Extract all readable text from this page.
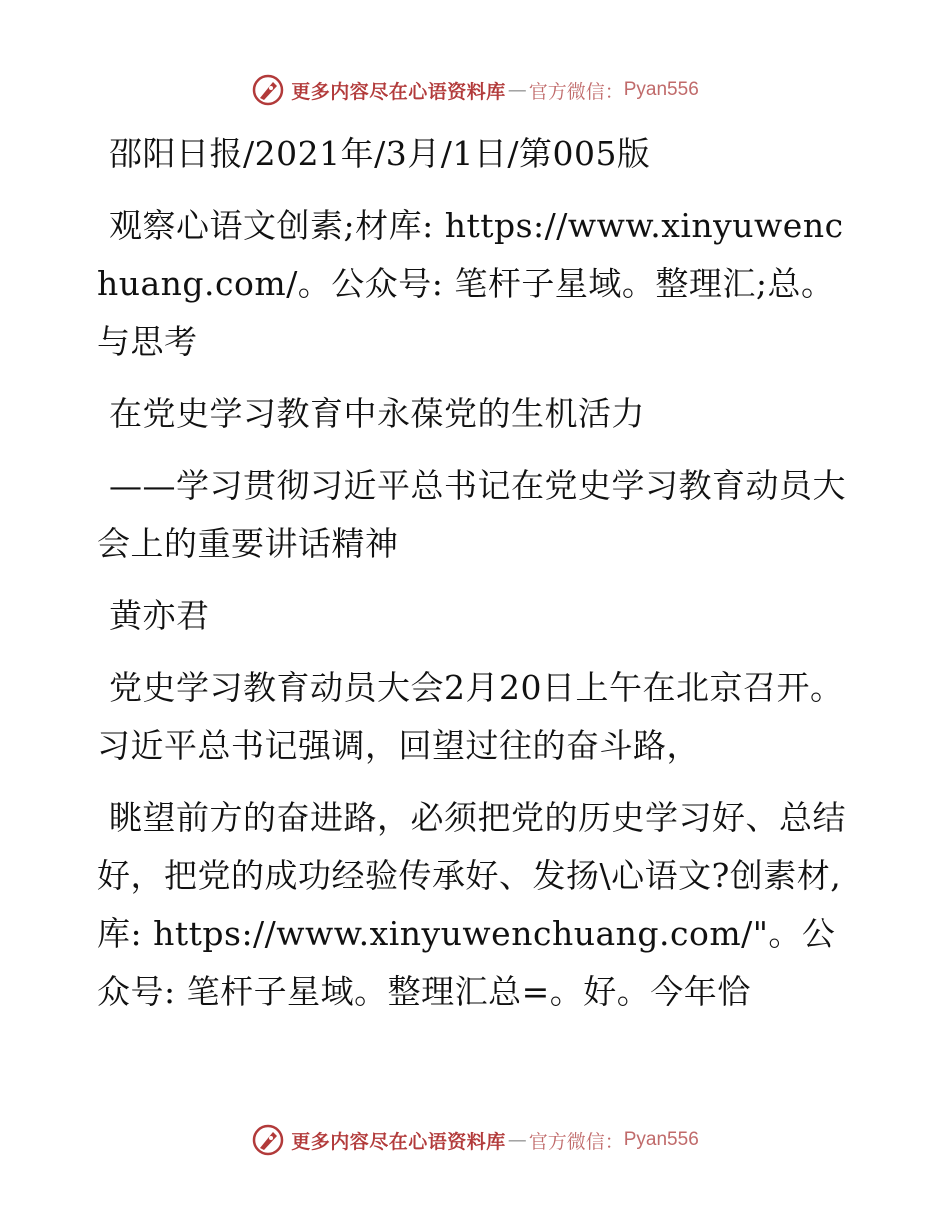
更多内容尽在心语资料库 — 官方微信： Pyan556

邵阳日报/2021年/3月/1日/第005版

观察心语文创素;材库: https://www.xinyuwenchuang.com/。公众号: 笔杆子星域。整理汇;总。与思考

在党史学习教育中永葆党的生机活力

——学习贯彻习近平总书记在党史学习教育动员大会上的重要讲话精神

黄亦君

党史学习教育动员大会2月20日上午在北京召开。习近平总书记强调，回望过往的奋斗路，

眺望前方的奋进路，必须把党的历史学习好、总结好，把党的成功经验传承好、发扬\心语文?创素材,库: https://www.xinyuwenchuang.com/"。公众号: 笔杆子星域。整理汇总=。好。今年恰

更多内容尽在心语资料库 — 官方微信： Pyan556
